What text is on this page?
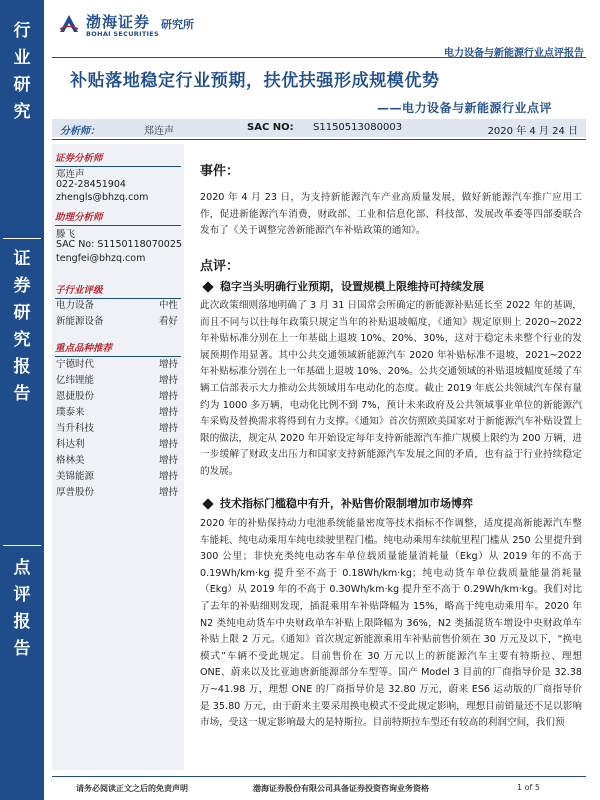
行
业
研
究
证
券
研
究
报
告
点
评
报
告
渤海证券
BOHAI SECURITIES
研究所
电力设备与新能源行业点评报告
补贴落地稳定行业预期，扶优扶强形成规模优势
——电力设备与新能源行业点评
分析师：	郑连声	SAC NO: S1150513080003	2020 年 4 月 24 日
证券分析师
郑连声
022-28451904
zhengls@bhzq.com
助理分析师
滕飞
SAC No: S1150118070025
tengfei@bhzq.com
子行业评级
电力设备	中性
新能源设备	看好
重点品种推荐
宁德时代	增持
亿纬锂能	增持
恩捷股份	增持
璞泰来	增持
当升科技	增持
科达利	增持
格林美	增持
美锦能源	增持
厚普股份	增持
事件：
2020 年 4 月 23 日，为支持新能源汽车产业高质量发展，做好新能源汽车推广应用工作，促进新能源汽车消费，财政部、工业和信息化部、科技部、发展改革委等四部委联合发布了《关于调整完善新能源汽车补贴政策的通知》。
点评：
稳字当头明确行业预期，设置规模上限维持可持续发展
此次政策细则落地明确了 3 月 31 日国常会所确定的新能源补贴延长至 2022 年的基调，而且不同与以往每年政策只规定当年的补贴退坡幅度，《通知》规定原则上 2020~2022 年补贴标准分别在上一年基础上退坡 10%、20%、30%，这对于稳定未来整个行业的发展预期作用显著。其中公共交通领域新能源汽车 2020 年补贴标准不退坡，2021~2022 年补贴标准分别在上一年基础上退坡 10%、20%。公共交通领域的补贴退坡幅度延缓了车辆工信部表示大力推动公共领域用车电动化的态度。截止 2019 年底公共领域汽车保有量约为 1000 多万辆，电动化比例不到 7%，预计未来政府及公共领域事业单位的新能源汽车采购及替换需求将得到有力支撑。《通知》首次仿照欧美国家对于新能源汽车补贴设置上限的做法，规定从 2020 年开始设定每年支持新能源汽车推广规模上限约为 200 万辆，进一步缓解了财政支出压力和国家支持新能源汽车发展之间的矛盾，也有益于行业持续稳定的发展。
技术指标门槛稳中有升，补贴售价限制增加市场博弈
2020 年的补贴保持动力电池系统能量密度等技术指标不作调整，适度提高新能源汽车整车能耗、纯电动乘用车纯电续驶里程门槛。纯电动乘用车续航里程门槛从 250 公里提升到 300 公里；非快充类纯电动客车单位载质量能量消耗量（Ekg）从 2019 年的不高于 0.19Wh/km·kg 提升至不高于 0.18Wh/km·kg；纯电动货车单位载质量能量消耗量（Ekg）从 2019 年的不高于 0.30Wh/km·kg 提升至不高于 0.29Wh/km·kg。我们对比了去年的补贴细则发现，插混乘用车补贴降幅为 15%，略高于纯电动乘用车。2020 年 N2 类纯电动货车中央财政单车补贴上限降幅为 36%，N2 类插混货车增设中央财政单车补贴上限 2 万元。《通知》首次规定新能源乘用车补贴前售价须在 30 万元及以下，“换电模式”车辆不受此规定。目前售价在 30 万元以上的新能源汽车主要有特斯拉、理想 ONE、蔚来以及比亚迪唐新能源部分车型等。国产 Model 3 目前的厂商指导价是 32.38 万~41.98 万，理想 ONE 的厂商指导价是 32.80 万元，蔚来 ES6 运动版的厂商指导价是 35.80 万元，由于蔚来主要采用换电模式不受此规定影响，理想目前销量还不足以影响市场，受这一规定影响最大的是特斯拉。目前特斯拉车型还有较高的利润空间，我们预
请务必阅读正文之后的免责声明	渤海证券股份有限公司具备证券投资咨询业务资格	1 of 5
